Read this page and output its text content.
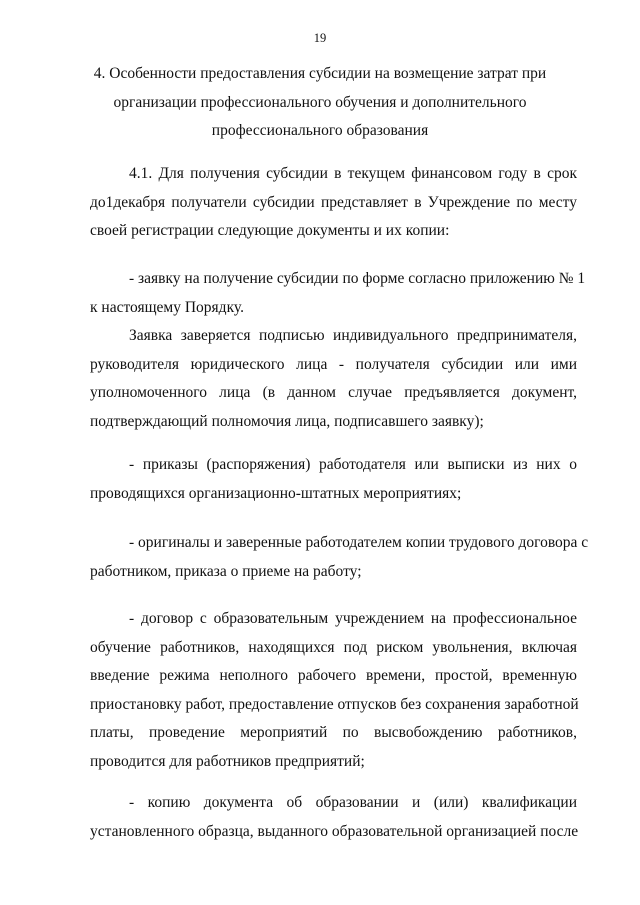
19
4. Особенности предоставления субсидии на возмещение затрат при
организации профессионального обучения и дополнительного
профессионального образования
4.1. Для получения субсидии в текущем финансовом году в срок
до1декабря получатели субсидии представляет в Учреждение по месту
своей регистрации следующие документы и их копии:
- заявку на получение субсидии по форме согласно приложению № 1
к настоящему Порядку.
Заявка заверяется подписью индивидуального предпринимателя,
руководителя юридического лица - получателя субсидии или ими
уполномоченного лица (в данном случае предъявляется документ,
подтверждающий полномочия лица, подписавшего заявку);
- приказы (распоряжения) работодателя или выписки из них о
проводящихся организационно-штатных мероприятиях;
- оригиналы и заверенные работодателем копии трудового договора с
работником, приказа о приеме на работу;
- договор с образовательным учреждением на профессиональное
обучение работников, находящихся под риском увольнения, включая
введение режима неполного рабочего времени, простой, временную
приостановку работ, предоставление отпусков без сохранения заработной
платы, проведение мероприятий по высвобождению работников,
проводится для работников предприятий;
- копию документа об образовании и (или) квалификации
установленного образца, выданного образовательной организацией после
